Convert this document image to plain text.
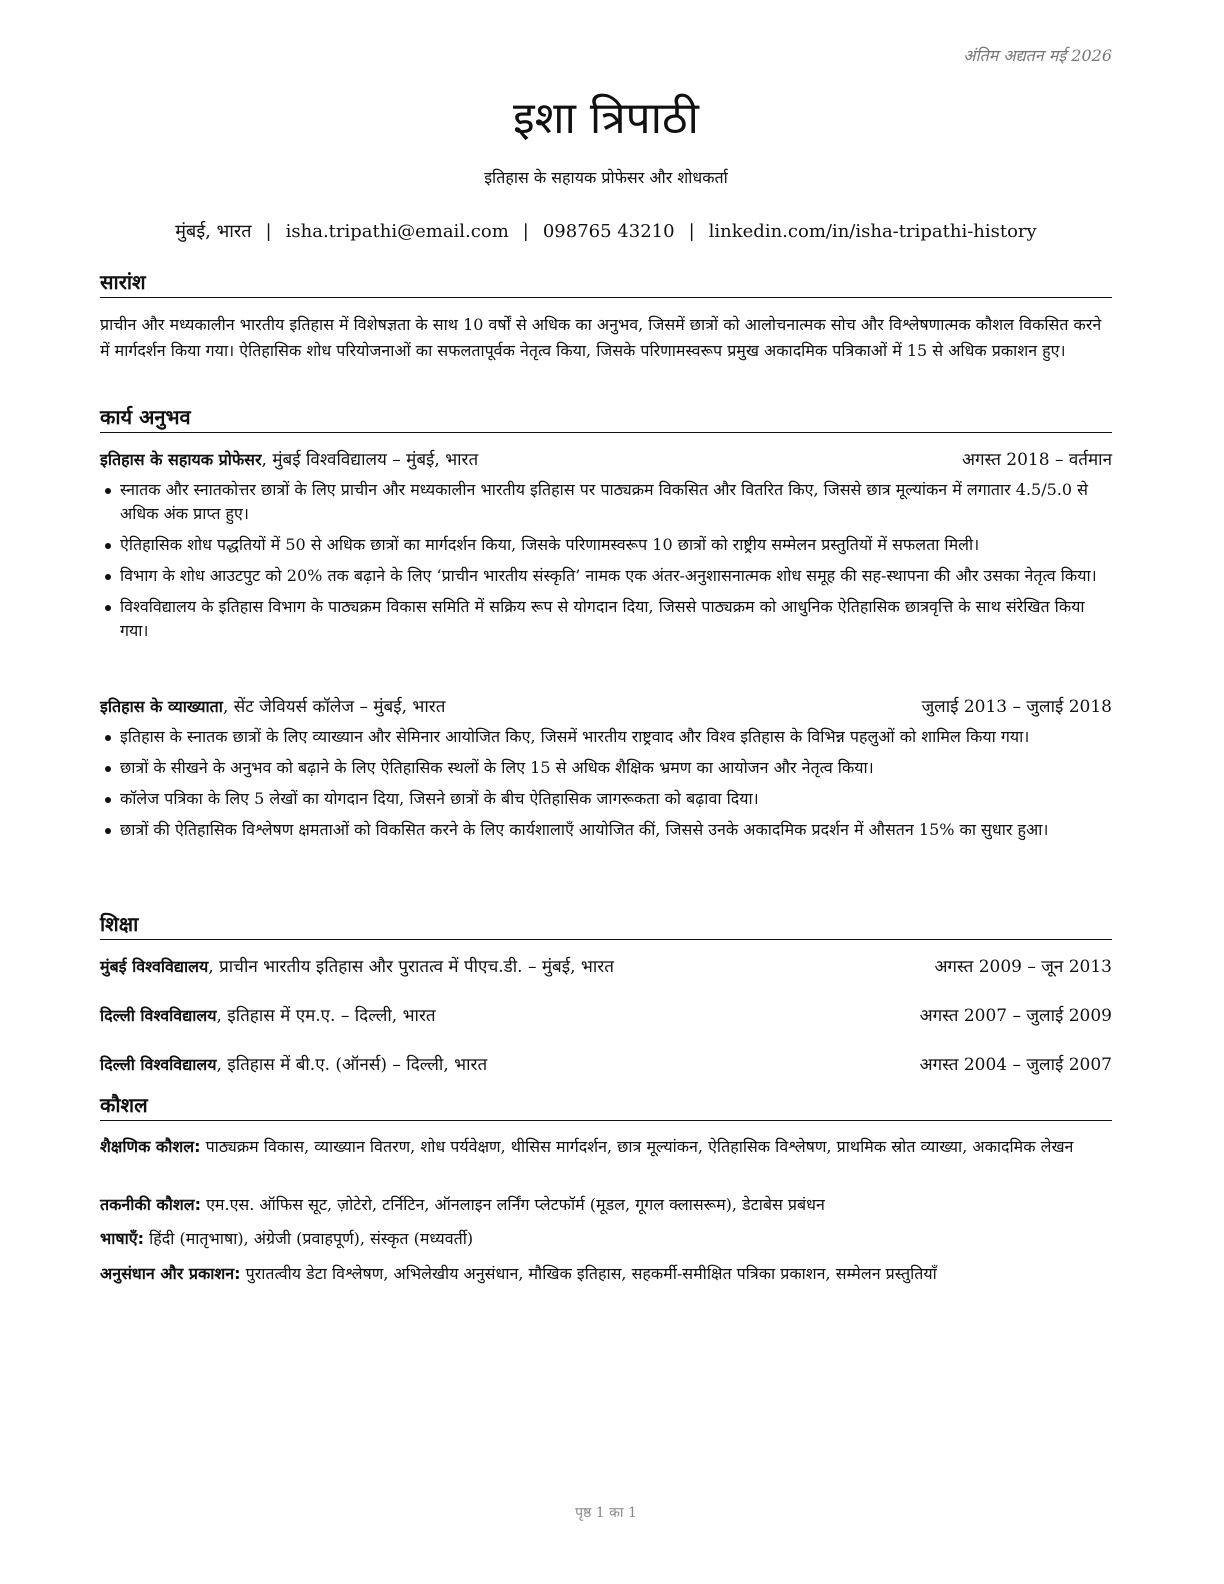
अंतिम अद्यतन मई 2026
इशा त्रिपाठी
इतिहास के सहायक प्रोफेसर और शोधकर्ता
मुंबई, भारत | isha.tripathi@email.com | 098765 43210 | linkedin.com/in/isha-tripathi-history
सारांश

प्राचीन और मध्यकालीन भारतीय इतिहास में विशेषज्ञता के साथ 10 वर्षों से अधिक का अनुभव, जिसमें छात्रों को आलोचनात्मक सोच और विश्लेषणात्मक कौशल विकसित करने में मार्गदर्शन किया गया। ऐतिहासिक शोध परियोजनाओं का सफलतापूर्वक नेतृत्व किया, जिसके परिणामस्वरूप प्रमुख अकादमिक पत्रिकाओं में 15 से अधिक प्रकाशन हुए।

कार्य अनुभव
इतिहास के सहायक प्रोफेसर, मुंबई विश्वविद्यालय – मुंबई, भारत	अगस्त 2018 – वर्तमान
स्नातक और स्नातकोत्तर छात्रों के लिए प्राचीन और मध्यकालीन भारतीय इतिहास पर पाठ्यक्रम विकसित और वितरित किए, जिससे छात्र मूल्यांकन में लगातार 4.5/5.0 से अधिक अंक प्राप्त हुए।
ऐतिहासिक शोध पद्धतियों में 50 से अधिक छात्रों का मार्गदर्शन किया, जिसके परिणामस्वरूप 10 छात्रों को राष्ट्रीय सम्मेलन प्रस्तुतियों में सफलता मिली।
विभाग के शोध आउटपुट को 20% तक बढ़ाने के लिए ‘प्राचीन भारतीय संस्कृति’ नामक एक अंतर-अनुशासनात्मक शोध समूह की सह-स्थापना की और उसका नेतृत्व किया।
विश्वविद्यालय के इतिहास विभाग के पाठ्यक्रम विकास समिति में सक्रिय रूप से योगदान दिया, जिससे पाठ्यक्रम को आधुनिक ऐतिहासिक छात्रवृत्ति के साथ संरेखित किया गया।
इतिहास के व्याख्याता, सेंट जेवियर्स कॉलेज – मुंबई, भारत	जुलाई 2013 – जुलाई 2018
इतिहास के स्नातक छात्रों के लिए व्याख्यान और सेमिनार आयोजित किए, जिसमें भारतीय राष्ट्रवाद और विश्व इतिहास के विभिन्न पहलुओं को शामिल किया गया।
छात्रों के सीखने के अनुभव को बढ़ाने के लिए ऐतिहासिक स्थलों के लिए 15 से अधिक शैक्षिक भ्रमण का आयोजन और नेतृत्व किया।
कॉलेज पत्रिका के लिए 5 लेखों का योगदान दिया, जिसने छात्रों के बीच ऐतिहासिक जागरूकता को बढ़ावा दिया।
छात्रों की ऐतिहासिक विश्लेषण क्षमताओं को विकसित करने के लिए कार्यशालाएँ आयोजित कीं, जिससे उनके अकादमिक प्रदर्शन में औसतन 15% का सुधार हुआ।
शिक्षा
मुंबई विश्वविद्यालय, प्राचीन भारतीय इतिहास और पुरातत्व में पीएच.डी. – मुंबई, भारत	अगस्त 2009 – जून 2013
दिल्ली विश्वविद्यालय, इतिहास में एम.ए. – दिल्ली, भारत	अगस्त 2007 – जुलाई 2009
दिल्ली विश्वविद्यालय, इतिहास में बी.ए. (ऑनर्स) – दिल्ली, भारत	अगस्त 2004 – जुलाई 2007
कौशल
शैक्षणिक कौशल: पाठ्यक्रम विकास, व्याख्यान वितरण, शोध पर्यवेक्षण, थीसिस मार्गदर्शन, छात्र मूल्यांकन, ऐतिहासिक विश्लेषण, प्राथमिक स्रोत व्याख्या, अकादमिक लेखन
तकनीकी कौशल: एम.एस. ऑफिस सूट, ज़ोटेरो, टर्निटिन, ऑनलाइन लर्निंग प्लेटफॉर्म (मूडल, गूगल क्लासरूम), डेटाबेस प्रबंधन
भाषाएँ: हिंदी (मातृभाषा), अंग्रेजी (प्रवाहपूर्ण), संस्कृत (मध्यवर्ती)
अनुसंधान और प्रकाशन: पुरातत्वीय डेटा विश्लेषण, अभिलेखीय अनुसंधान, मौखिक इतिहास, सहकर्मी-समीक्षित पत्रिका प्रकाशन, सम्मेलन प्रस्तुतियाँ
पृष्ठ 1 का 1
